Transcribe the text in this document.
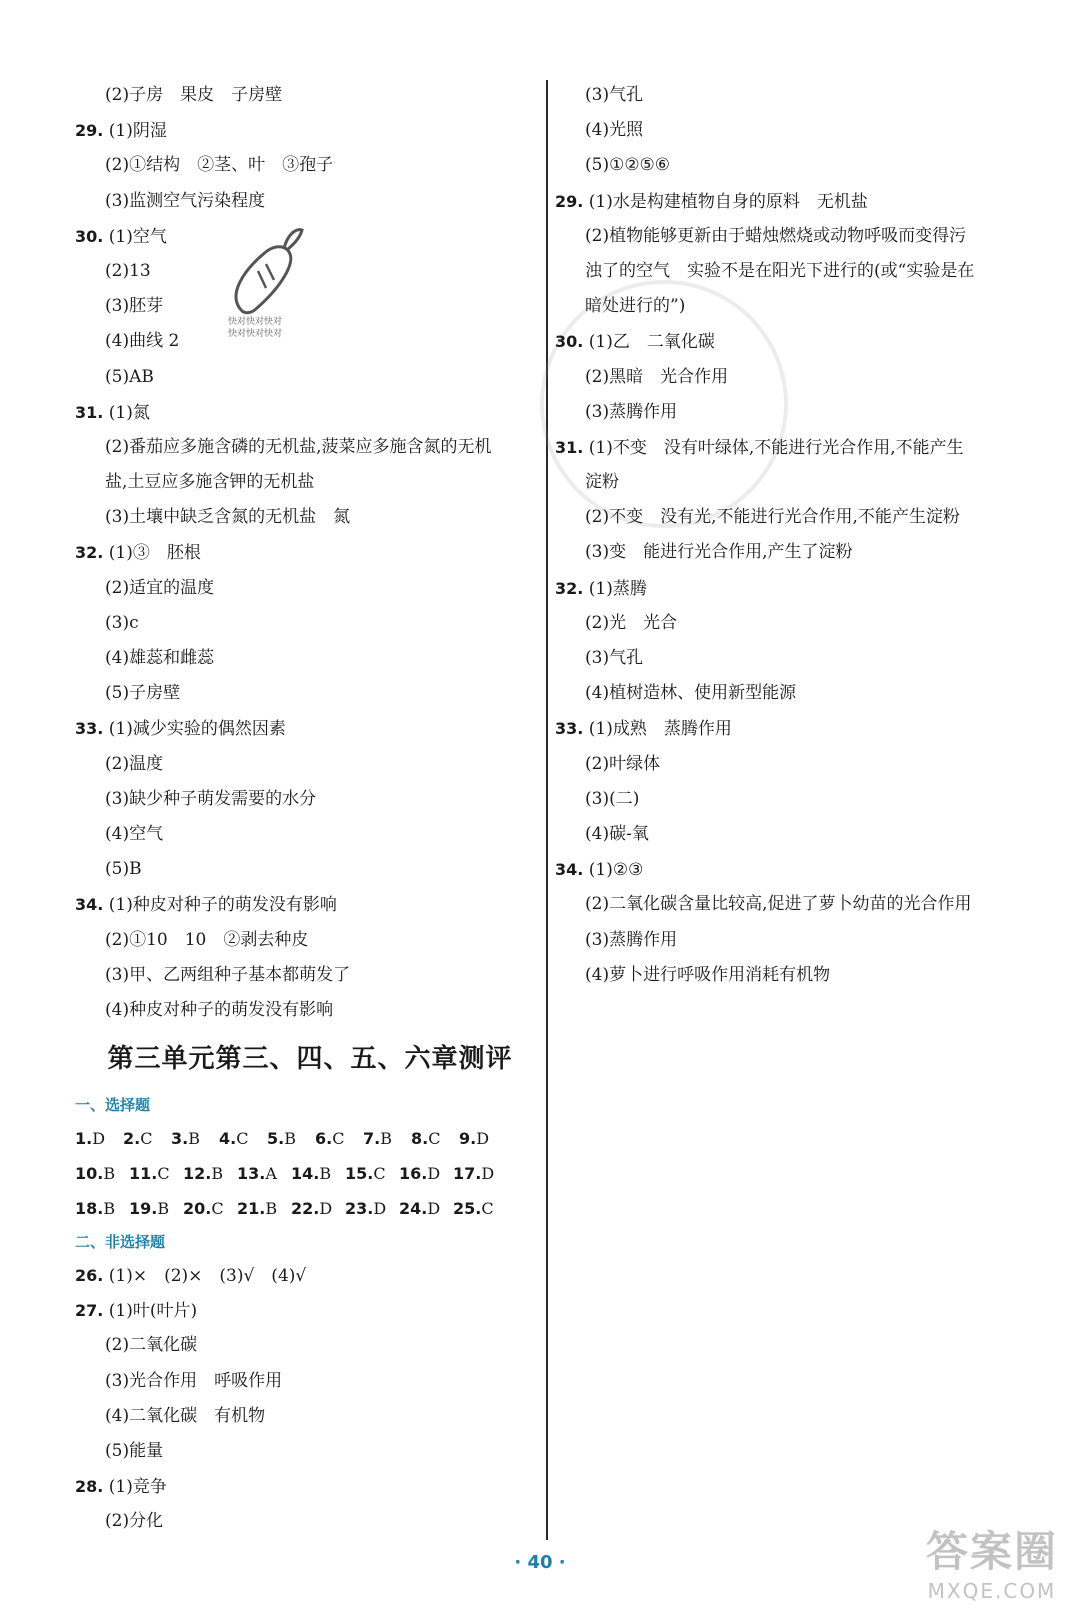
快对快对快对
快对快对快对
(2)子房　果皮　子房壁
29. (1)阴湿
(2)①结构　②茎、叶　③孢子
(3)监测空气污染程度
30. (1)空气
(2)13
(3)胚芽
(4)曲线 2
(5)AB
31. (1)氮
(2)番茄应多施含磷的无机盐,菠菜应多施含氮的无机
盐,土豆应多施含钾的无机盐
(3)土壤中缺乏含氮的无机盐　氮
32. (1)③　胚根
(2)适宜的温度
(3)c
(4)雄蕊和雌蕊
(5)子房壁
33. (1)减少实验的偶然因素
(2)温度
(3)缺少种子萌发需要的水分
(4)空气
(5)B
34. (1)种皮对种子的萌发没有影响
(2)①10　10　②剥去种皮
(3)甲、乙两组种子基本都萌发了
(4)种皮对种子的萌发没有影响
第三单元第三、四、五、六章测评
一、选择题
1.D	2.C	3.B	4.C	5.B	6.C	7.B	8.C	9.D
10.B 11.C 12.B 13.A 14.B 15.C 16.D 17.D
18.B 19.B 20.C 21.B 22.D 23.D 24.D 25.C
二、非选择题
26. (1)×　(2)×　(3)√　(4)√
27. (1)叶(叶片)
(2)二氧化碳
(3)光合作用　呼吸作用
(4)二氧化碳　有机物
(5)能量
28. (1)竞争
(2)分化
(3)气孔
(4)光照
(5)①②⑤⑥
29. (1)水是构建植物自身的原料　无机盐
(2)植物能够更新由于蜡烛燃烧或动物呼吸而变得污
浊了的空气　实验不是在阳光下进行的(或“实验是在
暗处进行的”)
30. (1)乙　二氧化碳
(2)黑暗　光合作用
(3)蒸腾作用
31. (1)不变　没有叶绿体,不能进行光合作用,不能产生
淀粉
(2)不变　没有光,不能进行光合作用,不能产生淀粉
(3)变　能进行光合作用,产生了淀粉
32. (1)蒸腾
(2)光　光合
(3)气孔
(4)植树造林、使用新型能源
33. (1)成熟　蒸腾作用
(2)叶绿体
(3)(二)
(4)碳-氧
34. (1)②③
(2)二氧化碳含量比较高,促进了萝卜幼苗的光合作用
(3)蒸腾作用
(4)萝卜进行呼吸作用消耗有机物
· 40 ·	答案圈
MXQE.COM
